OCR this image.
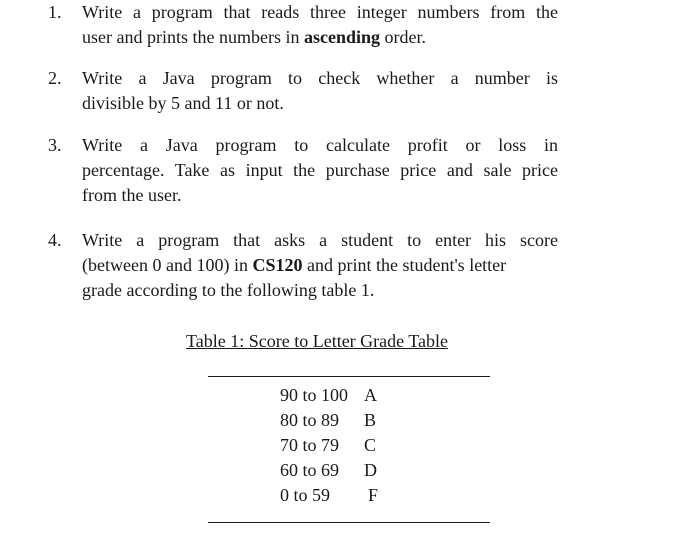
1. Write a program that reads three integer numbers from the
user and prints the numbers in ascending order.
2. Write a Java program to check whether a number is
divisible by 5 and 11 or not.
3. Write a Java program to calculate profit or loss in
percentage. Take as input the purchase price and sale price
from the user.
4. Write a program that asks a student to enter his score
(between 0 and 100) in CS120 and print the student's letter
grade according to the following table 1.
Table 1: Score to Letter Grade Table
90 to 100 A
80 to 89 B
70 to 79 C
60 to 69 D
0 to 59 F
